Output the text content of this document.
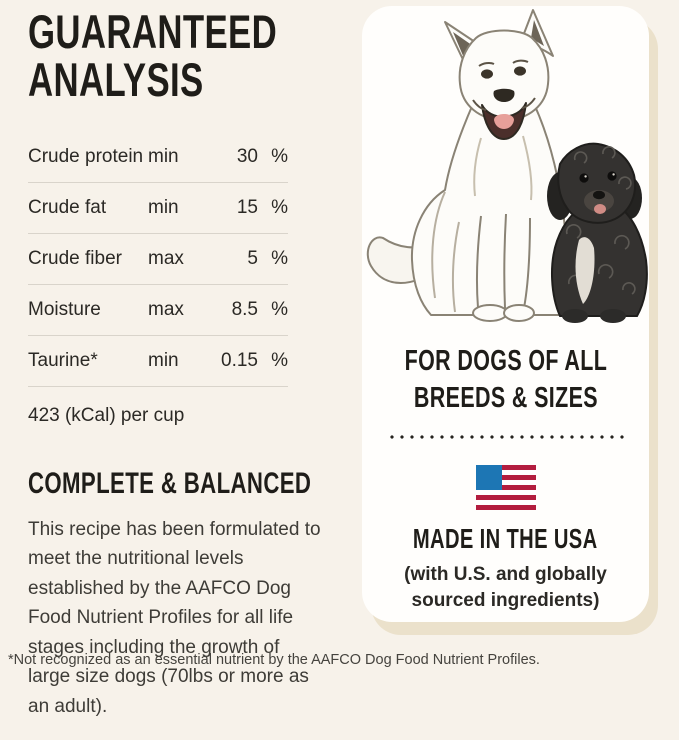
GUARANTEED
ANALYSIS
Crude protein min	30 %
Crude fat	min	15 %
Crude fiber	max	5 %
Moisture	max	8.5 %
Taurine*	min	0.15 %
423 (kCal) per cup
COMPLETE & BALANCED

This recipe has been formulated to meet the nutritional levels established by the AAFCO Dog Food Nutrient Profiles for all life stages including the growth of large size dogs (70lbs or more as an adult).

FOR DOGS OF ALL
BREEDS & SIZES
MADE IN THE USA
(with U.S. and globally sourced ingredients)
*Not recognized as an essential nutrient by the AAFCO Dog Food Nutrient Profiles.
